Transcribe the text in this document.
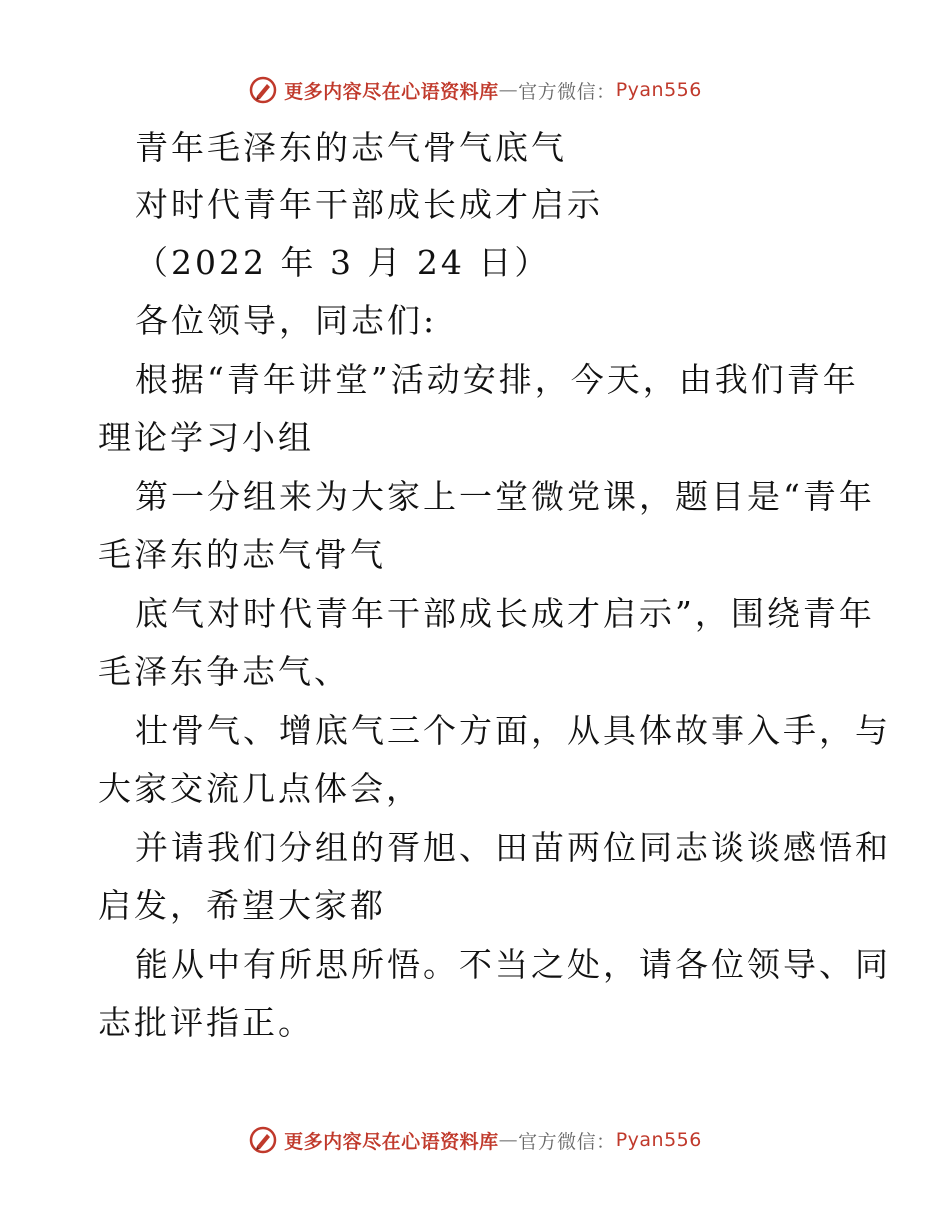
更多内容尽在心语资料库 — 官方微信： Pyan556
青年毛泽东的志气骨气底气
对时代青年干部成长成才启示
（2022 年 3 月 24 日）
各位领导，同志们:
根据“青年讲堂”活动安排，今天，由我们青年
理论学习小组
第一分组来为大家上一堂微党课，题目是“青年
毛泽东的志气骨气
底气对时代青年干部成长成才启示”，围绕青年
毛泽东争志气、
壮骨气、增底气三个方面，从具体故事入手，与
大家交流几点体会，
并请我们分组的胥旭、田苗两位同志谈谈感悟和
启发，希望大家都
能从中有所思所悟。不当之处，请各位领导、同
志批评指正。
更多内容尽在心语资料库 — 官方微信： Pyan556
